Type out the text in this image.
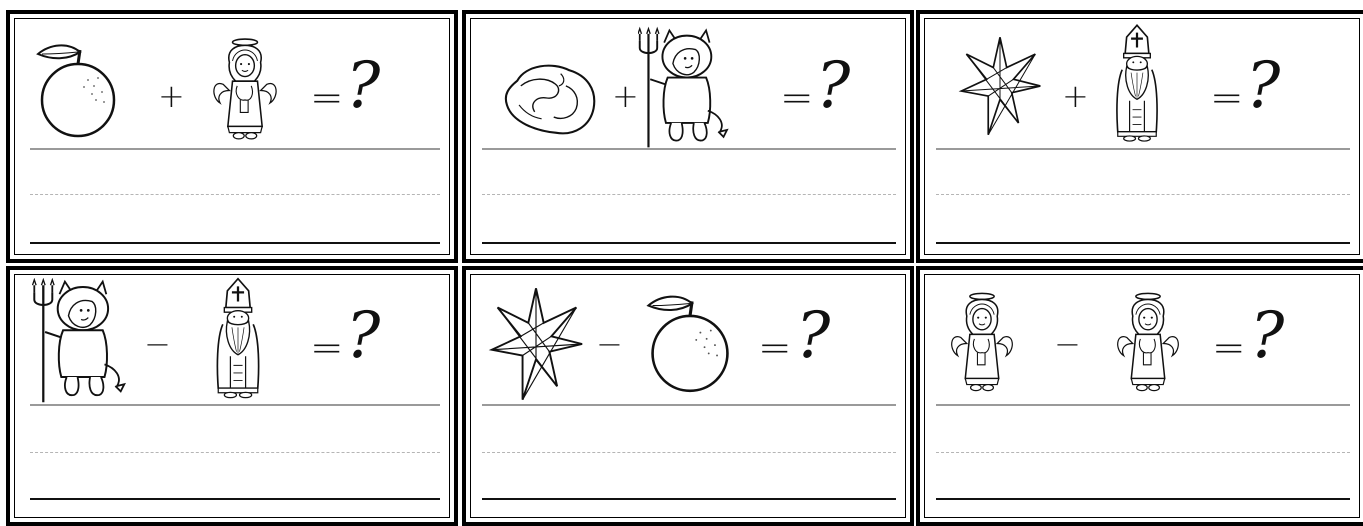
+	= ?	+	= ?	+	= ?
−	= ?	−	= ?	−	= ?
